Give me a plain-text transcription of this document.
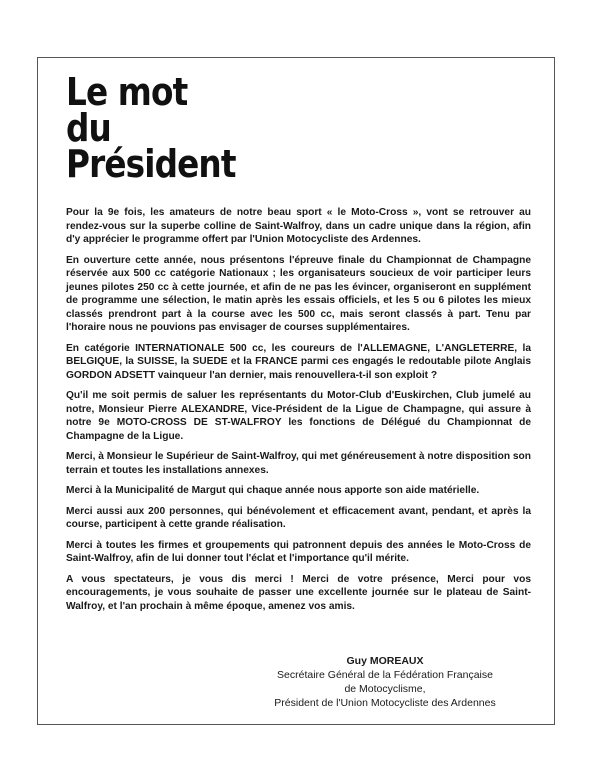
Le mot
du
Président

Pour la 9e fois, les amateurs de notre beau sport « le Moto-Cross », vont se retrouver au rendez-vous sur la superbe colline de Saint-Walfroy, dans un cadre unique dans la région, afin d'y apprécier le programme offert par l'Union Motocycliste des Ardennes.

En ouverture cette année, nous présentons l'épreuve finale du Championnat de Champagne réservée aux 500 cc catégorie Nationaux ; les organisateurs soucieux de voir participer leurs jeunes pilotes 250 cc à cette journée, et afin de ne pas les évincer, organiseront en supplément de programme une sélection, le matin après les essais officiels, et les 5 ou 6 pilotes les mieux classés prendront part à la course avec les 500 cc, mais seront classés à part. Tenu par l'horaire nous ne pouvions pas envisager de courses supplémentaires.

En catégorie INTERNATIONALE 500 cc, les coureurs de l'ALLEMAGNE, L'ANGLETERRE, la BELGIQUE, la SUISSE, la SUEDE et la FRANCE parmi ces engagés le redoutable pilote Anglais GORDON ADSETT vainqueur l'an dernier, mais renouvellera-t-il son exploit ?

Qu'il me soit permis de saluer les représentants du Motor-Club d'Euskirchen, Club jumelé au notre, Monsieur Pierre ALEXANDRE, Vice-Président de la Ligue de Champagne, qui assure à notre 9e MOTO-CROSS DE ST-WALFROY les fonctions de Délégué du Championnat de Champagne de la Ligue.

Merci, à Monsieur le Supérieur de Saint-Walfroy, qui met généreusement à notre disposition son terrain et toutes les installations annexes.

Merci à la Municipalité de Margut qui chaque année nous apporte son aide matérielle.

Merci aussi aux 200 personnes, qui bénévolement et efficacement avant, pendant, et après la course, participent à cette grande réalisation.

Merci à toutes les firmes et groupements qui patronnent depuis des années le Moto-Cross de Saint-Walfroy, afin de lui donner tout l'éclat et l'importance qu'il mérite.

A vous spectateurs, je vous dis merci ! Merci de votre présence, Merci pour vos encouragements, je vous souhaite de passer une excellente journée sur le plateau de Saint-Walfroy, et l'an prochain à même époque, amenez vos amis.

Guy MOREAUX
Secrétaire Général de la Fédération Française
de Motocyclisme,
Président de l'Union Motocycliste des Ardennes
